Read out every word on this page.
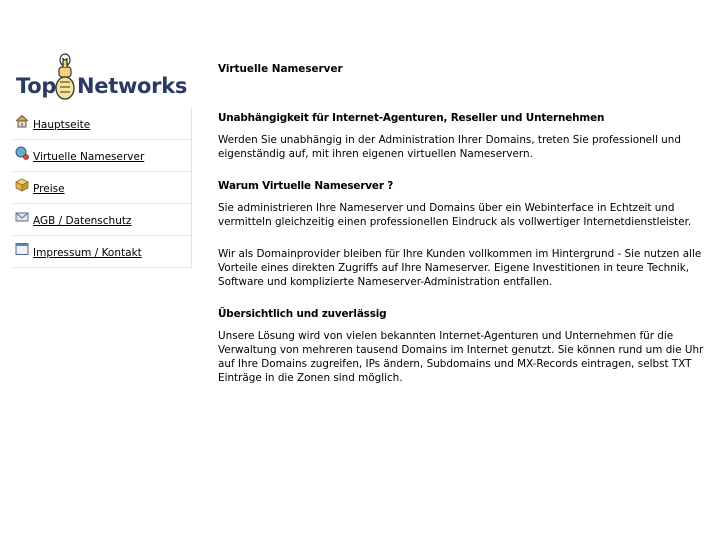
Top Networks
Hauptseite
Virtuelle Nameserver
Preise
AGB / Datenschutz
Impressum / Kontakt
Virtuelle Nameserver
Unabhängigkeit für Internet-Agenturen, Reseller und Unternehmen
Werden Sie unabhängig in der Administration Ihrer Domains, treten Sie professionell und eigenständig auf, mit ihren eigenen virtuellen Nameservern.
Warum Virtuelle Nameserver ?
Sie administrieren Ihre Nameserver und Domains über ein Webinterface in Echtzeit und vermitteln gleichzeitig einen professionellen Eindruck als vollwertiger Internetdienstleister.
Wir als Domainprovider bleiben für Ihre Kunden vollkommen im Hintergrund - Sie nutzen alle Vorteile eines direkten Zugriffs auf Ihre Nameserver. Eigene Investitionen in teure Technik, Software und komplizierte Nameserver-Administration entfallen.
Übersichtlich und zuverlässig
Unsere Lösung wird von vielen bekannten Internet-Agenturen und Unternehmen für die Verwaltung von mehreren tausend Domains im Internet genutzt. Sie können rund um die Uhr auf Ihre Domains zugreifen, IPs ändern, Subdomains und MX-Records eintragen, selbst TXT Einträge in die Zonen sind möglich.
